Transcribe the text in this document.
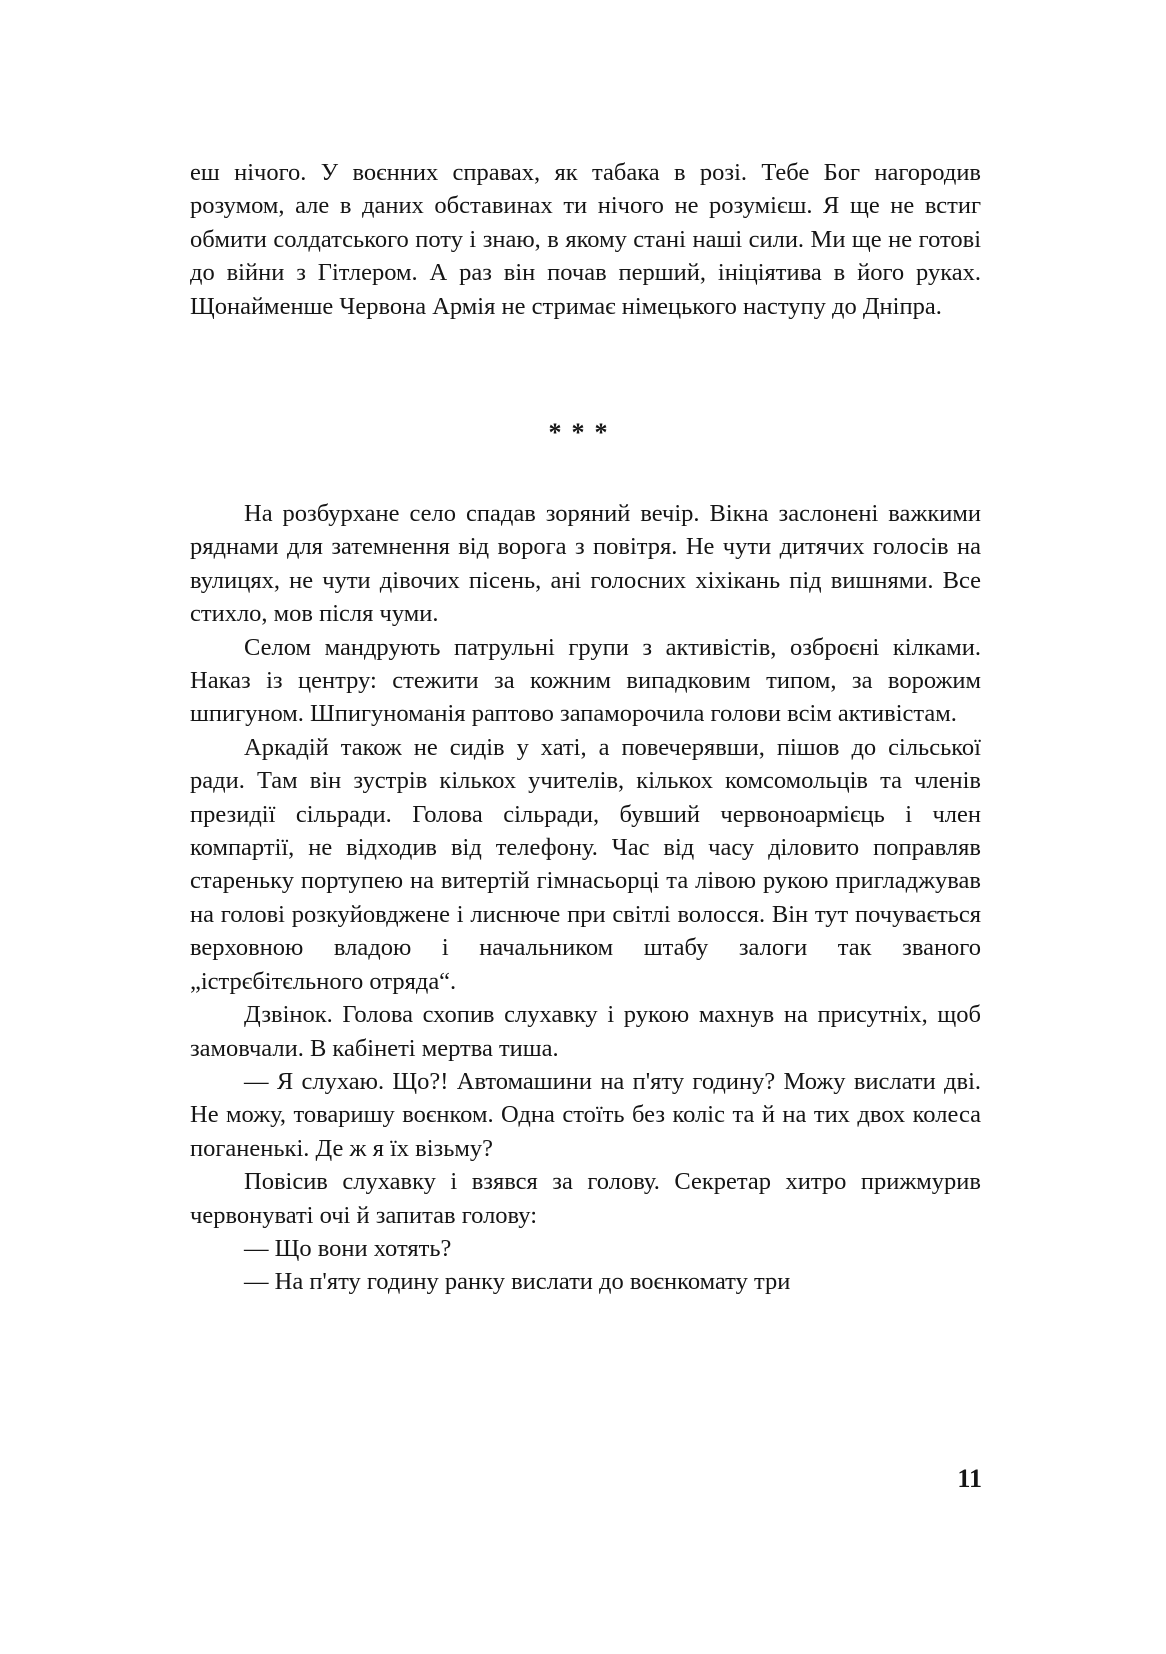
еш нічого. У воєнних справах, як табака в розі. Тебе Бог нагородив розумом, але в даних обставинах ти нічого не розумієш. Я ще не встиг обмити солдатського поту і знаю, в якому стані наші сили. Ми ще не готові до війни з Гітлером. А раз він почав перший, ініціятива в його руках. Щонайменше Червона Армія не стримає німецького наступу до Дніпра.

***

На розбурхане село спадав зоряний вечір. Вікна заслонені важкими ряднами для затемнення від ворога з повітря. Не чути дитячих голосів на вулицях, не чути дівочих пісень, ані голосних хіхікань під вишнями. Все стихло, мов після чуми.

Селом мандрують патрульні групи з активістів, озброєні кілками. Наказ із центру: стежити за кожним випадковим типом, за ворожим шпигуном. Шпигуноманія раптово запаморочила голови всім активістам.

Аркадій також не сидів у хаті, а повечерявши, пішов до сільської ради. Там він зустрів кількох учителів, кількох комсомольців та членів президії сільради. Голова сільради, бувший червоноармієць і член компартії, не відходив від телефону. Час від часу діловито поправляв стареньку портупею на витертій гімнасьорці та лівою рукою пригладжував на голові розкуйовджене і лиснюче при світлі волосся. Він тут почувається верховною владою і начальником штабу залоги так званого „істрєбітєльного отряда“.

Дзвінок. Голова схопив слухавку і рукою махнув на присутніх, щоб замовчали. В кабінеті мертва тиша.

— Я слухаю. Що?! Автомашини на п'яту годину? Можу вислати дві. Не можу, товаришу воєнком. Одна стоїть без коліс та й на тих двох колеса поганенькі. Де ж я їх візьму?

Повісив слухавку і взявся за голову. Секретар хитро прижмурив червонуваті очі й запитав голову:

— Що вони хотять?

— На п'яту годину ранку вислати до воєнкомату три

11
